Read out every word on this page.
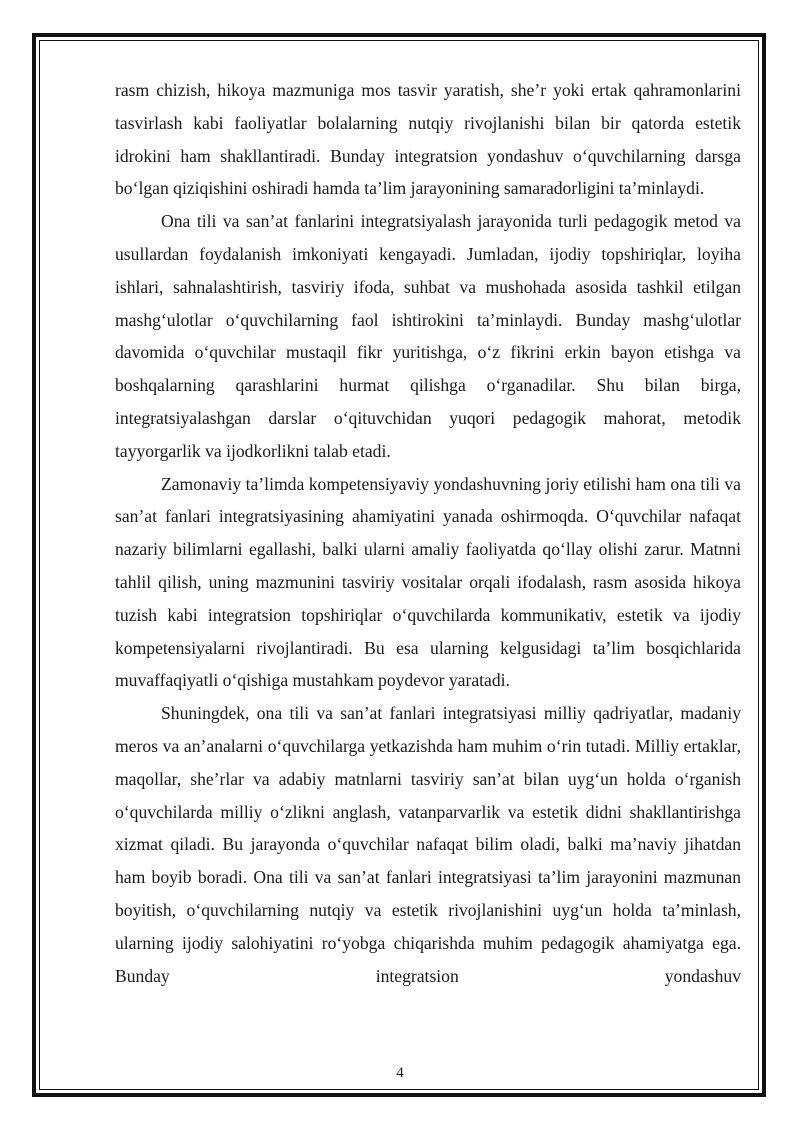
rasm chizish, hikoya mazmuniga mos tasvir yaratish, she’r yoki ertak qahramonlarini tasvirlash kabi faoliyatlar bolalarning nutqiy rivojlanishi bilan bir qatorda estetik idrokini ham shakllantiradi. Bunday integratsion yondashuv o‘quvchilarning darsga bo‘lgan qiziqishini oshiradi hamda ta’lim jarayonining samaradorligini ta’minlaydi.

Ona tili va san’at fanlarini integratsiyalash jarayonida turli pedagogik metod va usullardan foydalanish imkoniyati kengayadi. Jumladan, ijodiy topshiriqlar, loyiha ishlari, sahnalashtirish, tasviriy ifoda, suhbat va mushohada asosida tashkil etilgan mashg‘ulotlar o‘quvchilarning faol ishtirokini ta’minlaydi. Bunday mashg‘ulotlar davomida o‘quvchilar mustaqil fikr yuritishga, o‘z fikrini erkin bayon etishga va boshqalarning qarashlarini hurmat qilishga o‘rganadilar. Shu bilan birga, integratsiyalashgan darslar o‘qituvchidan yuqori pedagogik mahorat, metodik tayyorgarlik va ijodkorlikni talab etadi.

Zamonaviy ta’limda kompetensiyaviy yondashuvning joriy etilishi ham ona tili va san’at fanlari integratsiyasining ahamiyatini yanada oshirmoqda. O‘quvchilar nafaqat nazariy bilimlarni egallashi, balki ularni amaliy faoliyatda qo‘llay olishi zarur. Matnni tahlil qilish, uning mazmunini tasviriy vositalar orqali ifodalash, rasm asosida hikoya tuzish kabi integratsion topshiriqlar o‘quvchilarda kommunikativ, estetik va ijodiy kompetensiyalarni rivojlantiradi. Bu esa ularning kelgusidagi ta’lim bosqichlarida muvaffaqiyatli o‘qishiga mustahkam poydevor yaratadi.

Shuningdek, ona tili va san’at fanlari integratsiyasi milliy qadriyatlar, madaniy meros va an’analarni o‘quvchilarga yetkazishda ham muhim o‘rin tutadi. Milliy ertaklar, maqollar, she’rlar va adabiy matnlarni tasviriy san’at bilan uyg‘un holda o‘rganish o‘quvchilarda milliy o‘zlikni anglash, vatanparvarlik va estetik didni shakllantirishga xizmat qiladi. Bu jarayonda o‘quvchilar nafaqat bilim oladi, balki ma’naviy jihatdan ham boyib boradi. Ona tili va san’at fanlari integratsiyasi ta’lim jarayonini mazmunan boyitish, o‘quvchilarning nutqiy va estetik rivojlanishini uyg‘un holda ta’minlash, ularning ijodiy salohiyatini ro‘yobga chiqarishda muhim pedagogik ahamiyatga ega. Bunday integratsion yondashuv

4
